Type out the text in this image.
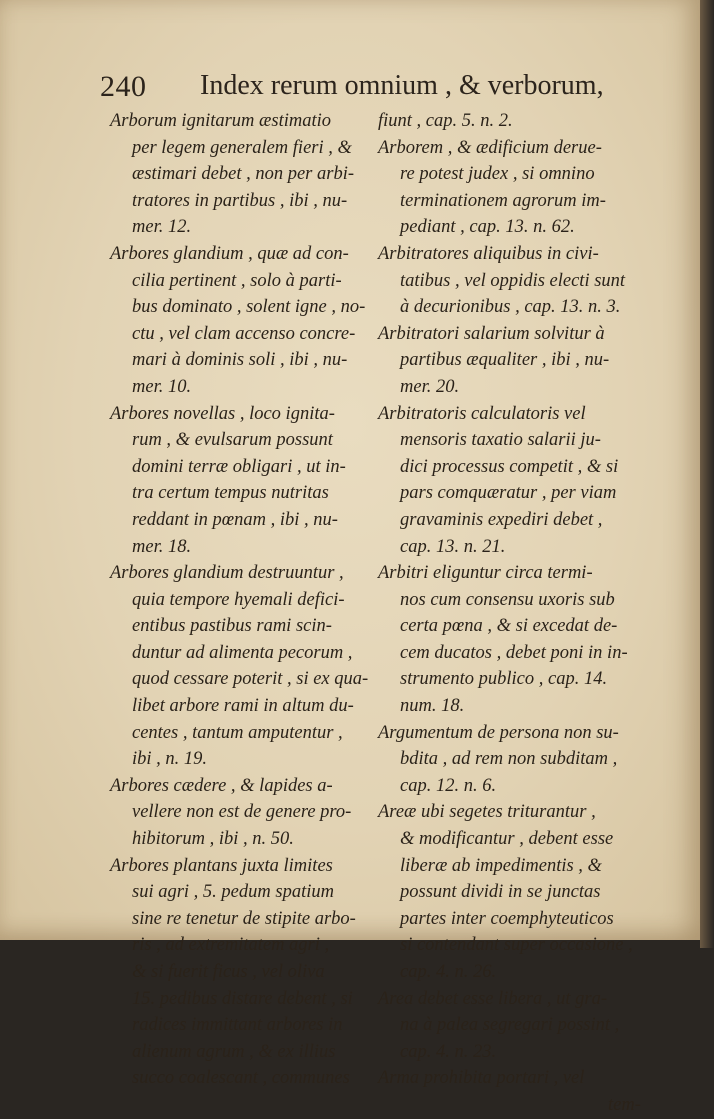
240 Index rerum omnium , & verborum,

Arborum ignitarum æstimatio
per legem generalem fieri , &
æstimari debet , non per arbi-
tratores in partibus , ibi , nu-
mer. 12.

Arbores glandium , quæ ad con-
cilia pertinent , solo à parti-
bus dominato , solent igne , no-
ctu , vel clam accenso concre-
mari à dominis soli , ibi , nu-
mer. 10.

Arbores novellas , loco ignita-
rum , & evulsarum possunt
domini terræ obligari , ut in-
tra certum tempus nutritas
reddant in pœnam , ibi , nu-
mer. 18.

Arbores glandium destruuntur ,
quia tempore hyemali defici-
entibus pastibus rami scin-
duntur ad alimenta pecorum ,
quod cessare poterit , si ex qua-
libet arbore rami in altum du-
centes , tantum amputentur ,
ibi , n. 19.

Arbores cædere , & lapides a-
vellere non est de genere pro-
hibitorum , ibi , n. 50.

Arbores plantans juxta limites
sui agri , 5. pedum spatium
sine re tenetur de stipite arbo-
ris , ad extremitatem agri ,
& si fuerit ficus , vel oliva
15. pedibus distare debent , si
radices immittant arbores in
alienum agrum , & ex illius
succo coalescant , communes

fiunt , cap. 5. n. 2.

Arborem , & ædificium derue-
re potest judex , si omnino
terminationem agrorum im-
pediant , cap. 13. n. 62.

Arbitratores aliquibus in civi-
tatibus , vel oppidis electi sunt
à decurionibus , cap. 13. n. 3.

Arbitratori salarium solvitur à
partibus æqualiter , ibi , nu-
mer. 20.

Arbitratoris calculatoris vel
mensoris taxatio salarii ju-
dici processus competit , & si
pars comquæratur , per viam
gravaminis expediri debet ,
cap. 13. n. 21.

Arbitri eliguntur circa termi-
nos cum consensu uxoris sub
certa pœna , & si excedat de-
cem ducatos , debet poni in in-
strumento publico , cap. 14.
num. 18.

Argumentum de persona non su-
bdita , ad rem non subditam ,
cap. 12. n. 6.

Areæ ubi segetes triturantur ,
& modificantur , debent esse
liberæ ab impedimentis , &
possunt dividi in se junctas
partes inter coemphyteuticos
si contendant super occasione ,
cap. 4. n. 26.

Area debet esse libera , ut gra-
na à palea segregari possint ,
cap. 4. n. 23.

Arma prohibita portari , vel

tem-
